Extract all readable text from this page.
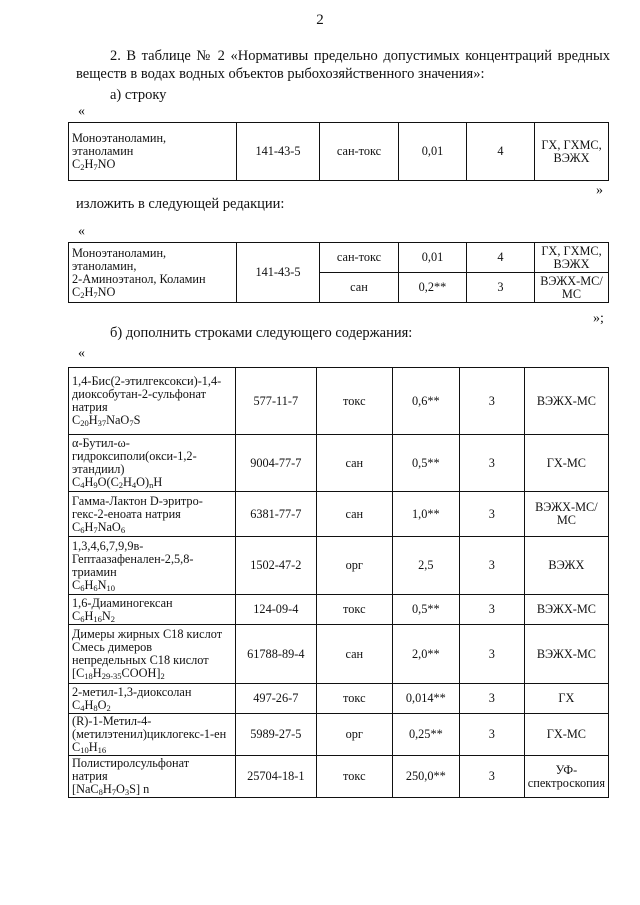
2
2. В таблице № 2 «Нормативы предельно допустимых концентраций вредных веществ в водах водных объектов рыбохозяйственного значения»:
а) строку
«
Моноэтаноламин,
этаноламин
$C_2H_7NO$
	141-43-5	сан-токс	0,01	4	ГХ, ГХМС, ВЭЖХ
»
изложить в следующей редакции:
«
Моноэтаноламин,
этаноламин,
2-Аминоэтанол, Коламин
$C_2H_7NO$	141-43-5	сан-токс	0,01	4	ГХ, ГХМС, ВЭЖХ
		сан	0,2**	3	ВЭЖХ-МС/МС
»;
б) дополнить строками следующего содержания:
«
1,4-Бис(2-этилгексокси)-1,4-
диоксобутан-2-сульфонат
натрия
$C_{20}H_{37}NaO_7S$	577-11-7	токс	0,6**	3	ВЭЖХ-МС

α-Бутил-ω-
гидроксиполи(окси-1,2-
этандиил)
$C_4H_9O(C_2H_4O)_nH$	9004-77-7	сан	0,5**	3	ГХ-МС

Гамма-Лактон D-эритро-
гекс-2-еноата натрия
$C_6H_7NaO_6$	6381-77-7	сан	1,0**	3	ВЭЖХ-МС/МС

1,3,4,6,7,9,9в-
Гептаазафеналeн-2,5,8-
триамин
$C_6H_6N_{10}$	1502-47-2	орг	2,5	3	ВЭЖХ

1,6-Диаминогексан
$C_6H_{16}N_2$	124-09-4	токс	0,5**	3	ВЭЖХ-МС

Димеры жирных С18 кислот
Смесь димеров
непредельных С18 кислот
$[C_{18}H_{29-35}COOH]_2$	61788-89-4	сан	2,0**	3	ВЭЖХ-МС

2-метил-1,3-диоксолан
$C_4H_8O_2$	497-26-7	токс	0,014**	3	ГХ

(R)-1-Метил-4-
(метилэтенил)циклогекс-1-ен
$C_{10}H_{16}$	5989-27-5	орг	0,25**	3	ГХ-МС

Полистиролсульфонат
натрия
$[NaC_8H_7O_3S]$ n	25704-18-1	токс	250,0**	3	УФ-спектроскопия
